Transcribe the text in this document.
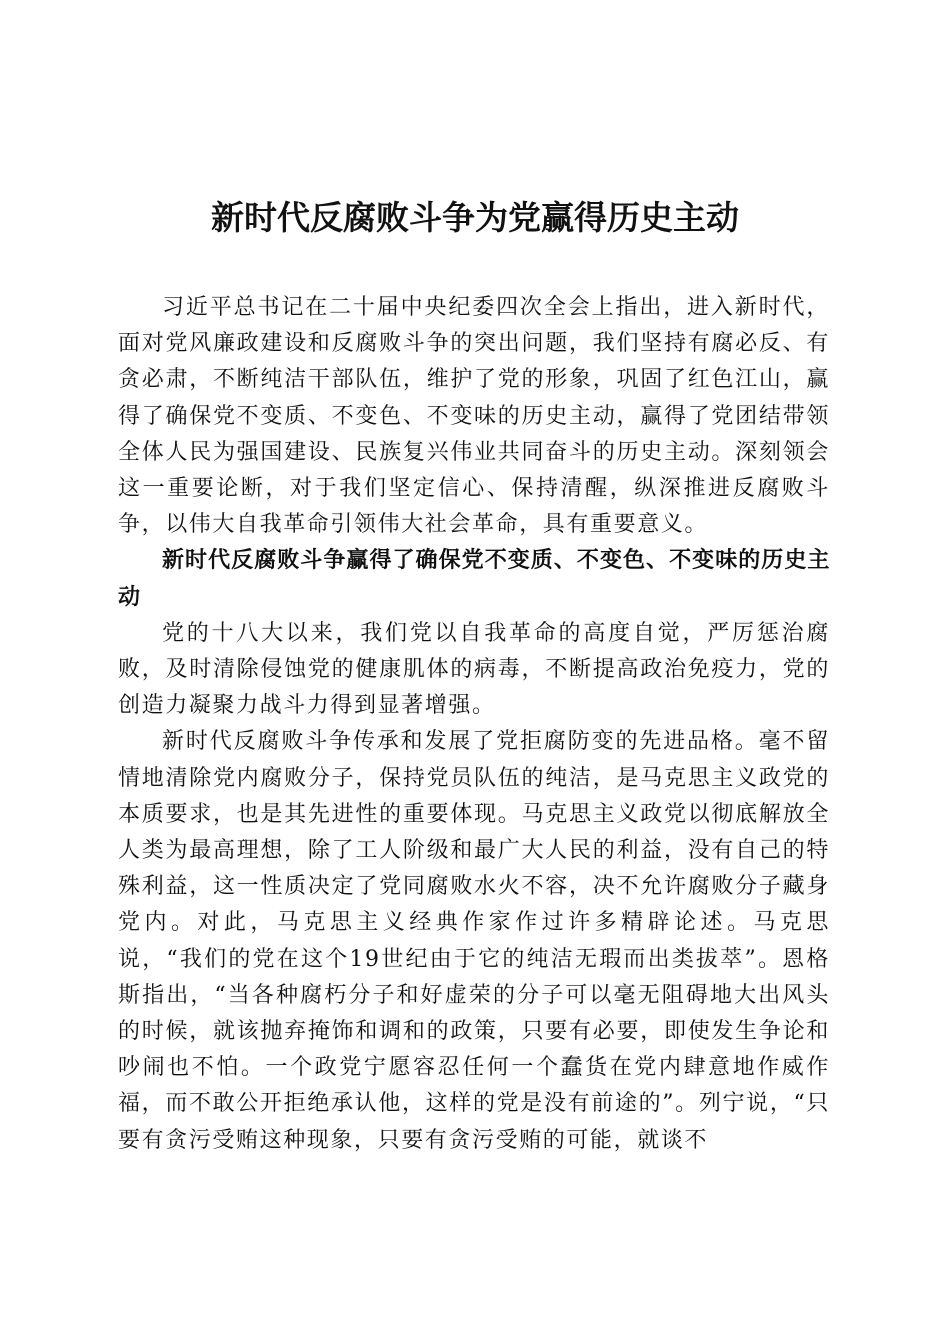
新时代反腐败斗争为党赢得历史主动

习近平总书记在二十届中央纪委四次全会上指出，进入新时代，面对党风廉政建设和反腐败斗争的突出问题，我们坚持有腐必反、有贪必肃，不断纯洁干部队伍，维护了党的形象，巩固了红色江山，赢得了确保党不变质、不变色、不变味的历史主动，赢得了党团结带领全体人民为强国建设、民族复兴伟业共同奋斗的历史主动。深刻领会这一重要论断，对于我们坚定信心、保持清醒，纵深推进反腐败斗争，以伟大自我革命引领伟大社会革命，具有重要意义。

新时代反腐败斗争赢得了确保党不变质、不变色、不变味的历史主动

党的十八大以来，我们党以自我革命的高度自觉，严厉惩治腐败，及时清除侵蚀党的健康肌体的病毒，不断提高政治免疫力，党的创造力凝聚力战斗力得到显著增强。

新时代反腐败斗争传承和发展了党拒腐防变的先进品格。毫不留情地清除党内腐败分子，保持党员队伍的纯洁，是马克思主义政党的本质要求，也是其先进性的重要体现。马克思主义政党以彻底解放全人类为最高理想，除了工人阶级和最广大人民的利益，没有自己的特殊利益，这一性质决定了党同腐败水火不容，决不允许腐败分子藏身党内。对此，马克思主义经典作家作过许多精辟论述。马克思说，“我们的党在这个19世纪由于它的纯洁无瑕而出类拔萃”。恩格斯指出，“当各种腐朽分子和好虚荣的分子可以毫无阻碍地大出风头的时候，就该抛弃掩饰和调和的政策，只要有必要，即使发生争论和吵闹也不怕。一个政党宁愿容忍任何一个蠢货在党内肆意地作威作福，而不敢公开拒绝承认他，这样的党是没有前途的”。列宁说，“只要有贪污受贿这种现象，只要有贪污受贿的可能，就谈不
